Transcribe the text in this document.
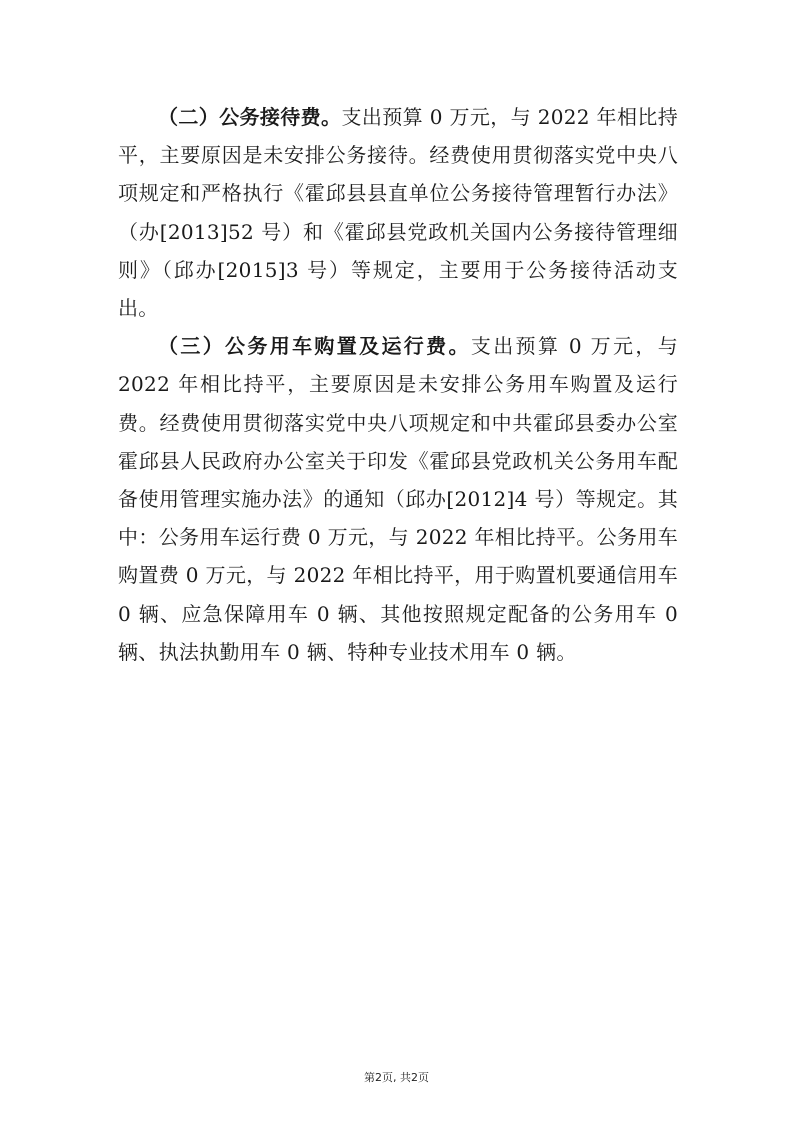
（二）公务接待费。支出预算 0 万元，与 2022 年相比持平，主要原因是未安排公务接待。经费使用贯彻落实党中央八项规定和严格执行《霍邱县县直单位公务接待管理暂行办法》（办[2013]52 号）和《霍邱县党政机关国内公务接待管理细则》（邱办[2015]3 号）等规定，主要用于公务接待活动支出。

（三）公务用车购置及运行费。支出预算 0 万元，与 2022 年相比持平，主要原因是未安排公务用车购置及运行费。经费使用贯彻落实党中央八项规定和中共霍邱县委办公室 霍邱县人民政府办公室关于印发《霍邱县党政机关公务用车配备使用管理实施办法》的通知（邱办[2012]4 号）等规定。其中：公务用车运行费 0 万元，与 2022 年相比持平。公务用车购置费 0 万元，与 2022 年相比持平，用于购置机要通信用车 0 辆、应急保障用车 0 辆、其他按照规定配备的公务用车 0 辆、执法执勤用车 0 辆、特种专业技术用车 0 辆。

第2页, 共2页
